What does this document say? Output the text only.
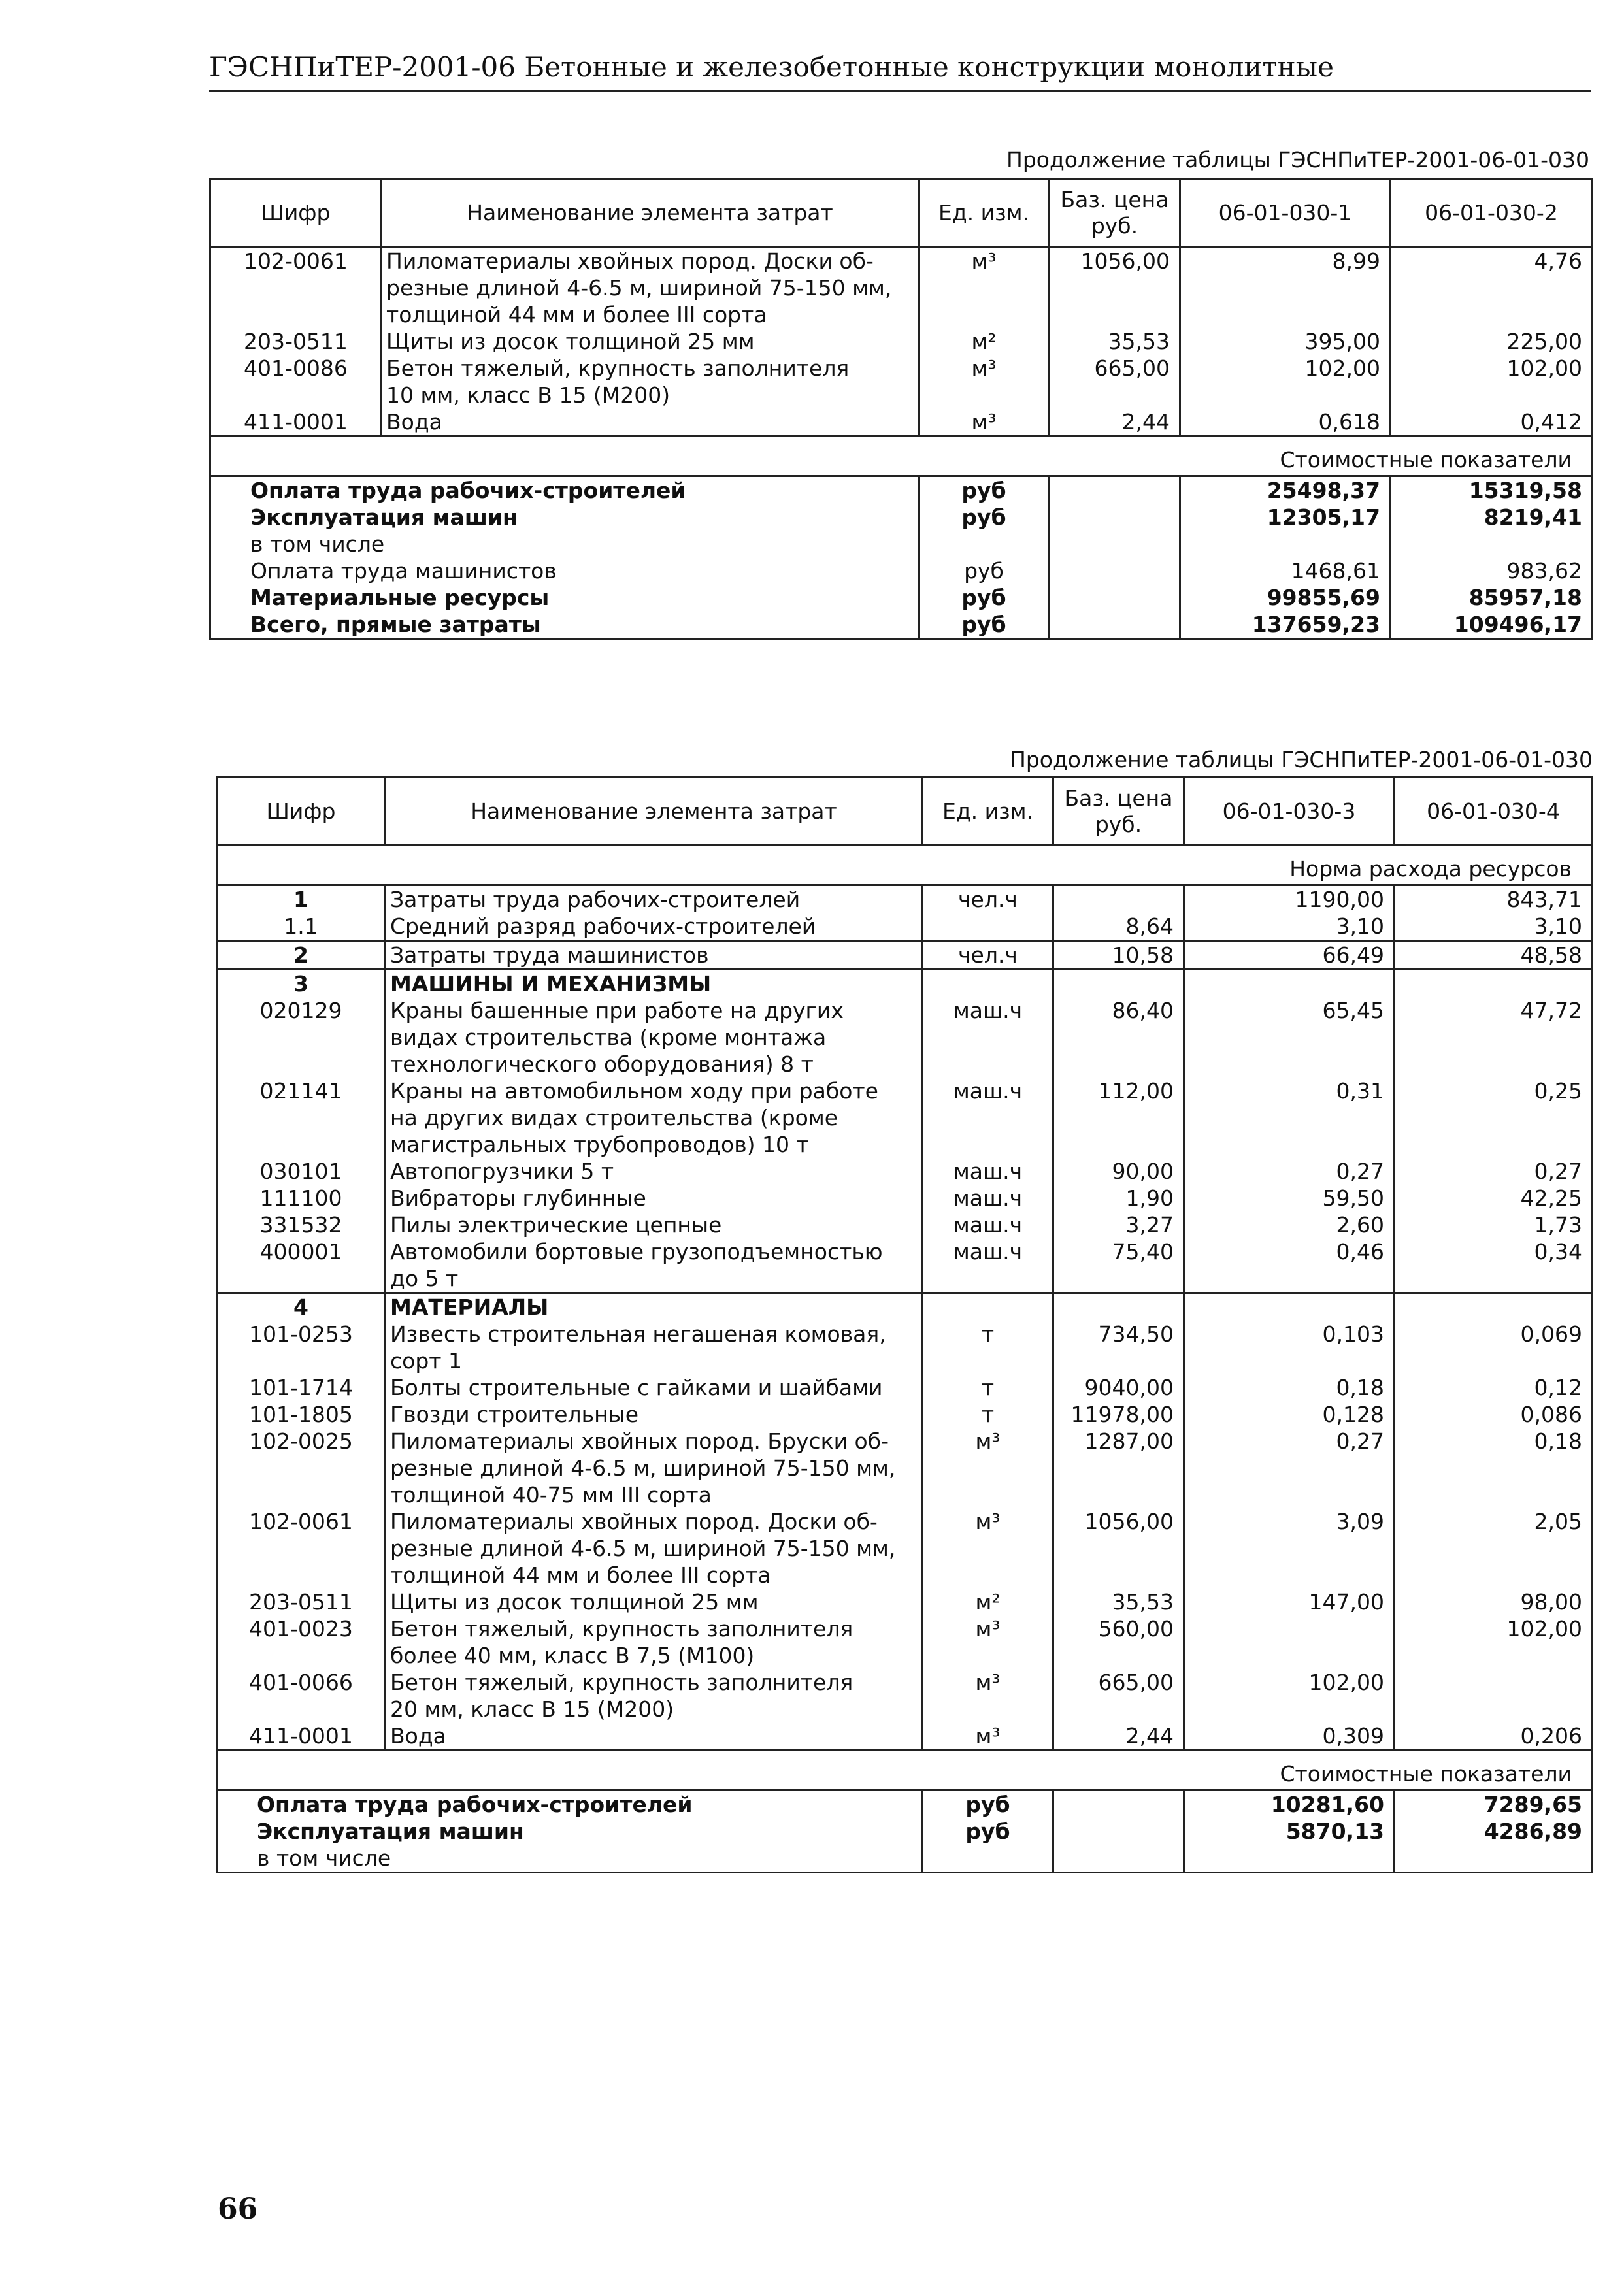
ГЭСНПиТЕР-2001-06 Бетонные и железобетонные конструкции монолитные
Продолжение таблицы ГЭСНПиТЕР-2001-06-01-030
Шифр	Наименование элемента затрат	Ед. изм.	Баз. цена руб.	06-01-030-1	06-01-030-2
102-0061	Пиломатериалы хвойных пород. Доски об-
резные длиной 4-6.5 м, шириной 75-150 мм,
толщиной 44 мм и более III сорта	м³	1056,00	8,99	4,76
203-0511	Щиты из досок толщиной 25 мм	м²	35,53	395,00	225,00
401-0086	Бетон тяжелый, крупность заполнителя
10 мм, класс В 15 (М200)	м³	665,00	102,00	102,00
411-0001	Вода	м³	2,44	0,618	0,412
Стоимостные показатели					
Оплата труда рабочих-строителей		руб		25498,37	15319,58
Эксплуатация машин		руб		12305,17	8219,41
в том числе					
Оплата труда машинистов		руб		1468,61	983,62
Материальные ресурсы		руб		99855,69	85957,18
Всего, прямые затраты		руб		137659,23	109496,17
Продолжение таблицы ГЭСНПиТЕР-2001-06-01-030
Шифр	Наименование элемента затрат	Ед. изм.	Баз. цена руб.	06-01-030-3	06-01-030-4
Норма расхода ресурсов					
1	Затраты труда рабочих-строителей	чел.ч		1190,00	843,71
1.1	Средний разряд рабочих-строителей		8,64	3,10	3,10
2	Затраты труда машинистов	чел.ч	10,58	66,49	48,58
3	МАШИНЫ И МЕХАНИЗМЫ				
020129	Краны башенные при работе на других
видах строительства (кроме монтажа
технологического оборудования) 8 т	маш.ч	86,40	65,45	47,72
021141	Краны на автомобильном ходу при работе
на других видах строительства (кроме
магистральных трубопроводов) 10 т	маш.ч	112,00	0,31	0,25
030101	Автопогрузчики 5 т	маш.ч	90,00	0,27	0,27
111100	Вибраторы глубинные	маш.ч	1,90	59,50	42,25
331532	Пилы электрические цепные	маш.ч	3,27	2,60	1,73
400001	Автомобили бортовые грузоподъемностью
до 5 т	маш.ч	75,40	0,46	0,34
4	МАТЕРИАЛЫ				
101-0253	Известь строительная негашеная комовая,
сорт 1	т	734,50	0,103	0,069
101-1714	Болты строительные с гайками и шайбами	т	9040,00	0,18	0,12
101-1805	Гвозди строительные	т	11978,00	0,128	0,086
102-0025	Пиломатериалы хвойных пород. Бруски об-
резные длиной 4-6.5 м, шириной 75-150 мм,
толщиной 40-75 мм III сорта	м³	1287,00	0,27	0,18
102-0061	Пиломатериалы хвойных пород. Доски об-
резные длиной 4-6.5 м, шириной 75-150 мм,
толщиной 44 мм и более III сорта	м³	1056,00	3,09	2,05
203-0511	Щиты из досок толщиной 25 мм	м²	35,53	147,00	98,00
401-0023	Бетон тяжелый, крупность заполнителя
более 40 мм, класс В 7,5 (М100)	м³	560,00		102,00
401-0066	Бетон тяжелый, крупность заполнителя
20 мм, класс В 15 (М200)	м³	665,00	102,00	
411-0001	Вода	м³	2,44	0,309	0,206
Стоимостные показатели					
Оплата труда рабочих-строителей		руб		10281,60	7289,65
Эксплуатация машин		руб		5870,13	4286,89
в том числе					
66
